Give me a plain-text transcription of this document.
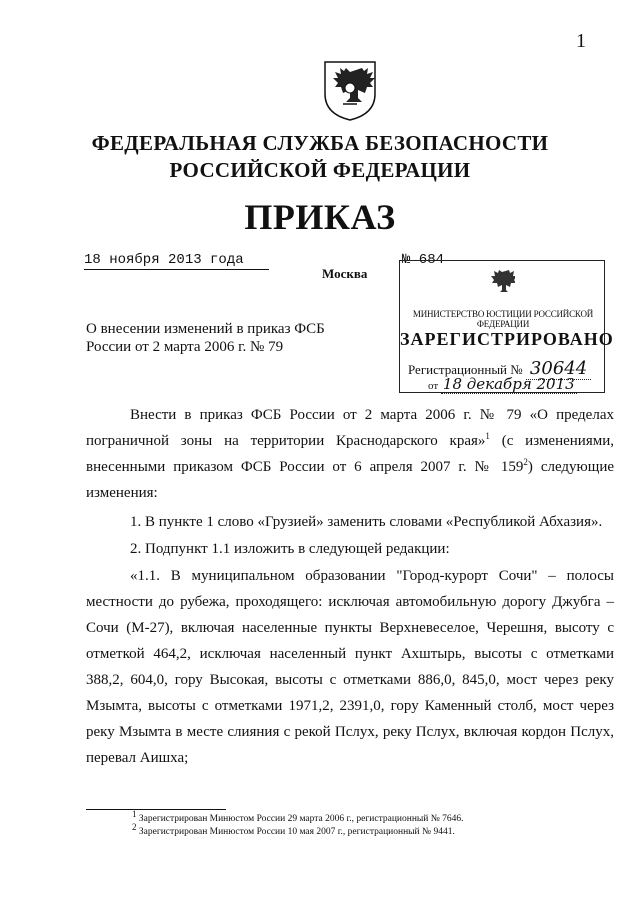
1
ФЕДЕРАЛЬНАЯ СЛУЖБА БЕЗОПАСНОСТИ
РОССИЙСКОЙ ФЕДЕРАЦИИ
ПРИКАЗ
18 ноября 2013 года	№ 684
Москва
О внесении изменений в приказ ФСБ России от 2 марта 2006 г. № 79
МИНИСТЕРСТВО ЮСТИЦИИ РОССИЙСКОЙ ФЕДЕРАЦИИ
ЗАРЕГИСТРИРОВАНО
Регистрационный № 30644
от 18 декабря 2013
Внести в приказ ФСБ России от 2 марта 2006 г. № 79 «О пределах пограничной зоны на территории Краснодарского края»$^1$ (с изменениями, внесенными приказом ФСБ России от 6 апреля 2007 г. № $159^2$) следующие изменения:
1. В пункте 1 слово «Грузией» заменить словами «Республикой Абхазия».
2. Подпункт 1.1 изложить в следующей редакции:
«1.1. В муниципальном образовании "Город-курорт Сочи" – полосы местности до рубежа, проходящего: исключая автомобильную дорогу Джубга – Сочи (М-27), включая населенные пункты Верхневеселое, Черешня, высоту с отметкой 464,2, исключая населенный пункт Ахштырь, высоты с отметками 388,2, 604,0, гору Высокая, высоты с отметками 886,0, 845,0, мост через реку Мзымта, высоты с отметками 1971,2, 2391,0, гору Каменный столб, мост через реку Мзымта в месте слияния с рекой Пслух, реку Пслух, включая кордон Пслух, перевал Аишха;
$^1$ Зарегистрирован Минюстом России 29 марта 2006 г., регистрационный № 7646.
$^2$ Зарегистрирован Минюстом России 10 мая 2007 г., регистрационный № 9441.
